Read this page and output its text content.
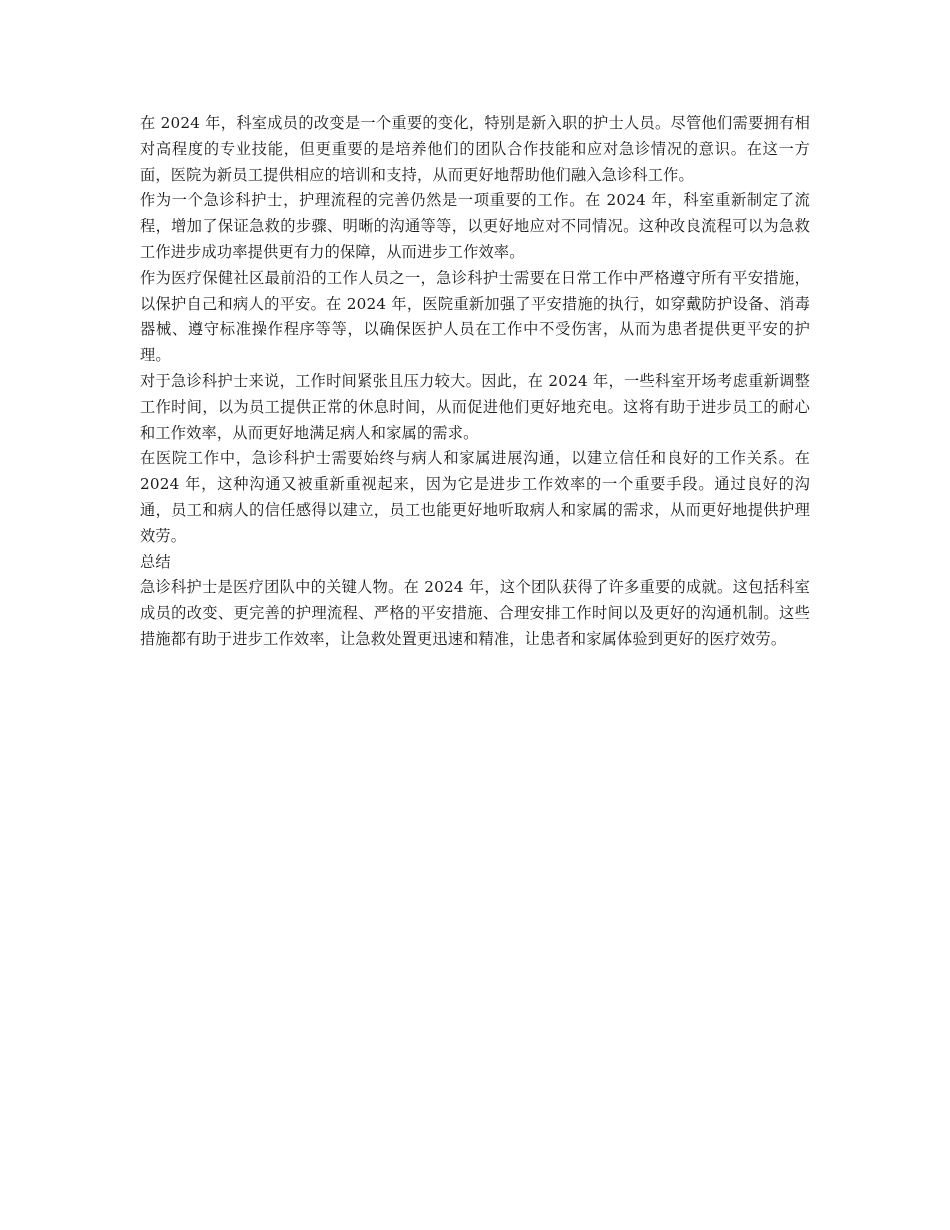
在 2024 年，科室成员的改变是一个重要的变化，特别是新入职的护士人员。尽管他们需要拥有相对高程度的专业技能，但更重要的是培养他们的团队合作技能和应对急诊情况的意识。在这一方面，医院为新员工提供相应的培训和支持，从而更好地帮助他们融入急诊科工作。

作为一个急诊科护士，护理流程的完善仍然是一项重要的工作。在 2024 年，科室重新制定了流程，增加了保证急救的步骤、明晰的沟通等等，以更好地应对不同情况。这种改良流程可以为急救工作进步成功率提供更有力的保障，从而进步工作效率。

作为医疗保健社区最前沿的工作人员之一，急诊科护士需要在日常工作中严格遵守所有平安措施，以保护自己和病人的平安。在 2024 年，医院重新加强了平安措施的执行，如穿戴防护设备、消毒器械、遵守标准操作程序等等，以确保医护人员在工作中不受伤害，从而为患者提供更平安的护理。

对于急诊科护士来说，工作时间紧张且压力较大。因此，在 2024 年，一些科室开场考虑重新调整工作时间，以为员工提供正常的休息时间，从而促进他们更好地充电。这将有助于进步员工的耐心和工作效率，从而更好地满足病人和家属的需求。

在医院工作中，急诊科护士需要始终与病人和家属进展沟通，以建立信任和良好的工作关系。在 2024 年，这种沟通又被重新重视起来，因为它是进步工作效率的一个重要手段。通过良好的沟通，员工和病人的信任感得以建立，员工也能更好地听取病人和家属的需求，从而更好地提供护理效劳。

总结

急诊科护士是医疗团队中的关键人物。在 2024 年，这个团队获得了许多重要的成就。这包括科室成员的改变、更完善的护理流程、严格的平安措施、合理安排工作时间以及更好的沟通机制。这些措施都有助于进步工作效率，让急救处置更迅速和精准，让患者和家属体验到更好的医疗效劳。
